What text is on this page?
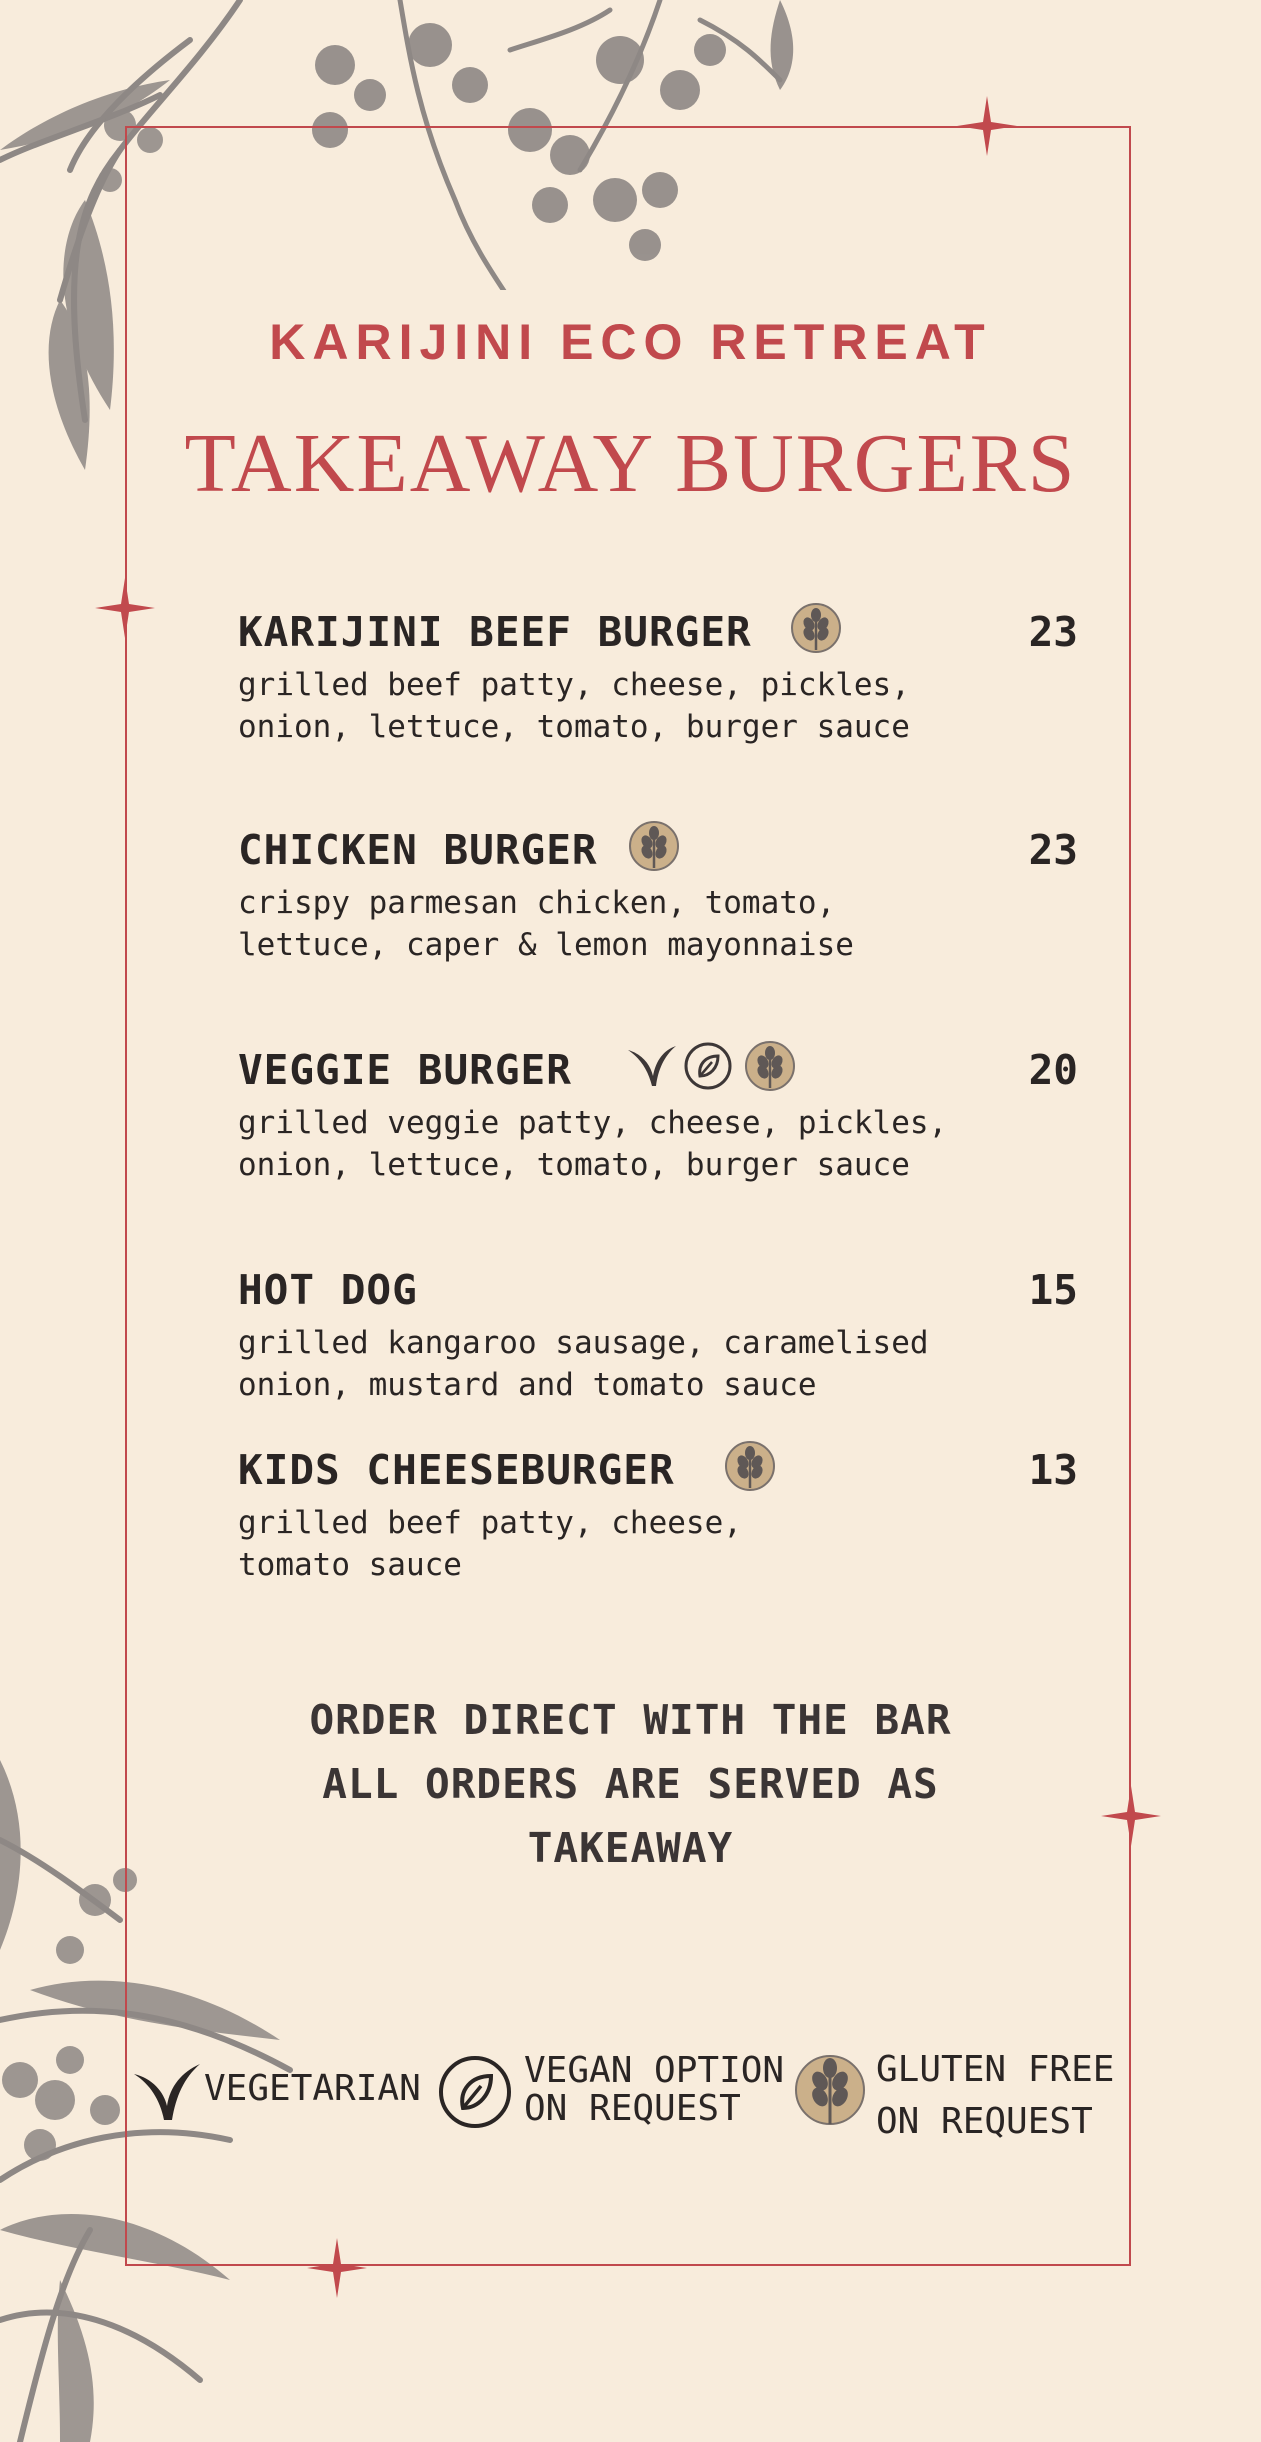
KARIJINI ECO RETREAT
TAKEAWAY BURGERS
KARIJINI BEEF BURGER	23
grilled beef patty, cheese, pickles,
onion, lettuce, tomato, burger sauce
CHICKEN BURGER	23
crispy parmesan chicken, tomato,
lettuce, caper & lemon mayonnaise
VEGGIE BURGER	20
grilled veggie patty, cheese, pickles,
onion, lettuce, tomato, burger sauce
HOT DOG	15
grilled kangaroo sausage, caramelised
onion, mustard and tomato sauce
KIDS CHEESEBURGER	13
grilled beef patty, cheese,
tomato sauce
ORDER DIRECT WITH THE BAR
ALL ORDERS ARE SERVED AS
TAKEAWAY
VEGETARIAN	VEGAN OPTION
ON REQUEST
GLUTEN FREE
ON REQUEST
